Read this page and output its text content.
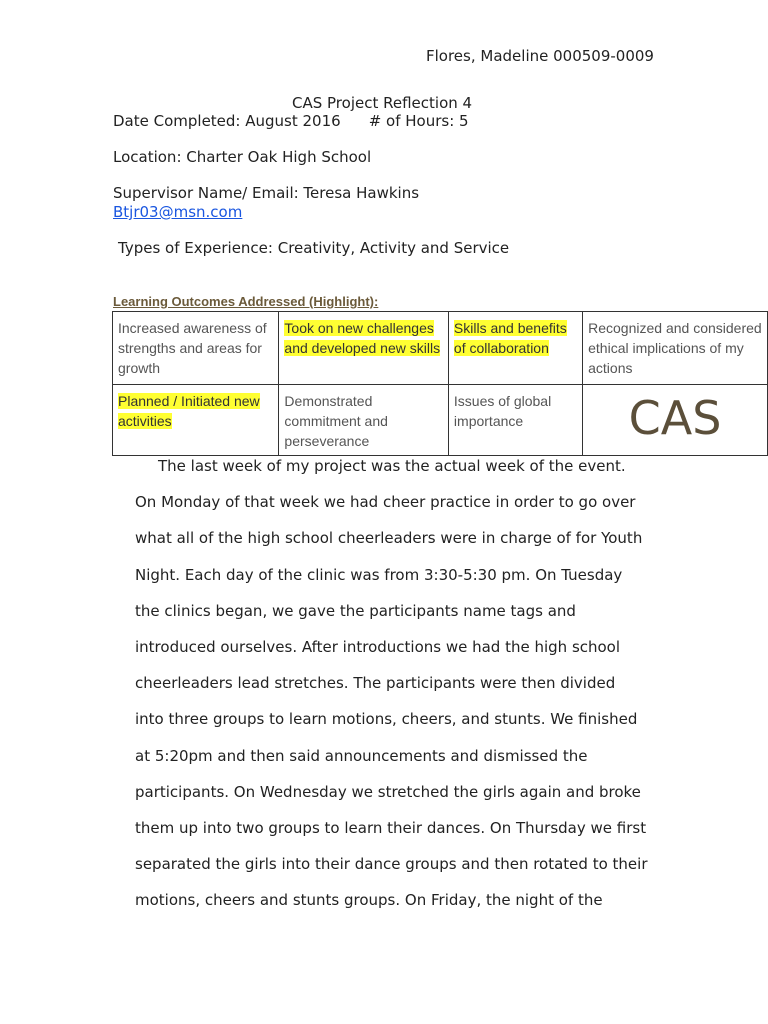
Flores, Madeline 000509-0009
CAS Project Reflection 4
Date Completed: August 2016 # of Hours: 5
Location: Charter Oak High School
Supervisor Name/ Email: Teresa Hawkins
Btjr03@msn.com
Types of Experience: Creativity, Activity and Service
Learning Outcomes Addressed (Highlight):
Increased awareness of strengths and areas for growth	Took on new challenges and developed new skills	Skills and benefits of collaboration	Recognized and considered ethical implications of my actions
Planned / Initiated new activities	Demonstrated commitment and perseverance	Issues of global importance	CAS
The last week of my project was the actual week of the event.
On Monday of that week we had cheer practice in order to go over
what all of the high school cheerleaders were in charge of for Youth
Night. Each day of the clinic was from 3:30-5:30 pm. On Tuesday
the clinics began, we gave the participants name tags and
introduced ourselves. After introductions we had the high school
cheerleaders lead stretches. The participants were then divided
into three groups to learn motions, cheers, and stunts. We finished
at 5:20pm and then said announcements and dismissed the
participants. On Wednesday we stretched the girls again and broke
them up into two groups to learn their dances. On Thursday we first
separated the girls into their dance groups and then rotated to their
motions, cheers and stunts groups. On Friday, the night of the
